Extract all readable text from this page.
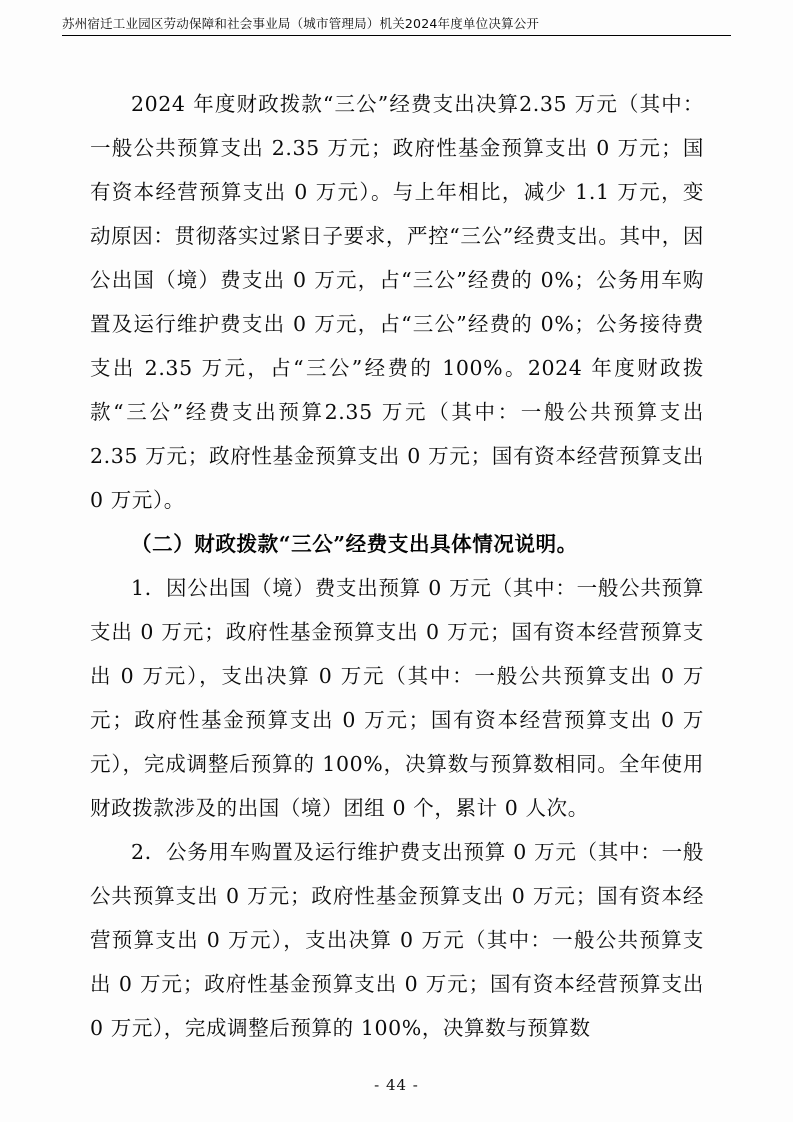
苏州宿迁工业园区劳动保障和社会事业局（城市管理局）机关2024年度单位决算公开

2024 年度财政拨款“三公”经费支出决算2.35 万元（其中：一般公共预算支出 2.35 万元；政府性基金预算支出 0 万元；国有资本经营预算支出 0 万元）。与上年相比，减少 1.1 万元，变动原因：贯彻落实过紧日子要求，严控“三公”经费支出。其中，因公出国（境）费支出 0 万元，占“三公”经费的 0%；公务用车购置及运行维护费支出 0 万元，占“三公”经费的 0%；公务接待费支出 2.35 万元，占“三公”经费的 100%。2024 年度财政拨款“三公”经费支出预算2.35 万元（其中：一般公共预算支出 2.35 万元；政府性基金预算支出 0 万元；国有资本经营预算支出 0 万元）。

（二）财政拨款“三公”经费支出具体情况说明。

1．因公出国（境）费支出预算 0 万元（其中：一般公共预算支出 0 万元；政府性基金预算支出 0 万元；国有资本经营预算支出 0 万元），支出决算 0 万元（其中：一般公共预算支出 0 万元；政府性基金预算支出 0 万元；国有资本经营预算支出 0 万元），完成调整后预算的 100%，决算数与预算数相同。全年使用财政拨款涉及的出国（境）团组 0 个，累计 0 人次。

2．公务用车购置及运行维护费支出预算 0 万元（其中：一般公共预算支出 0 万元；政府性基金预算支出 0 万元；国有资本经营预算支出 0 万元），支出决算 0 万元（其中：一般公共预算支出 0 万元；政府性基金预算支出 0 万元；国有资本经营预算支出 0 万元），完成调整后预算的 100%，决算数与预算数

- 44 -
